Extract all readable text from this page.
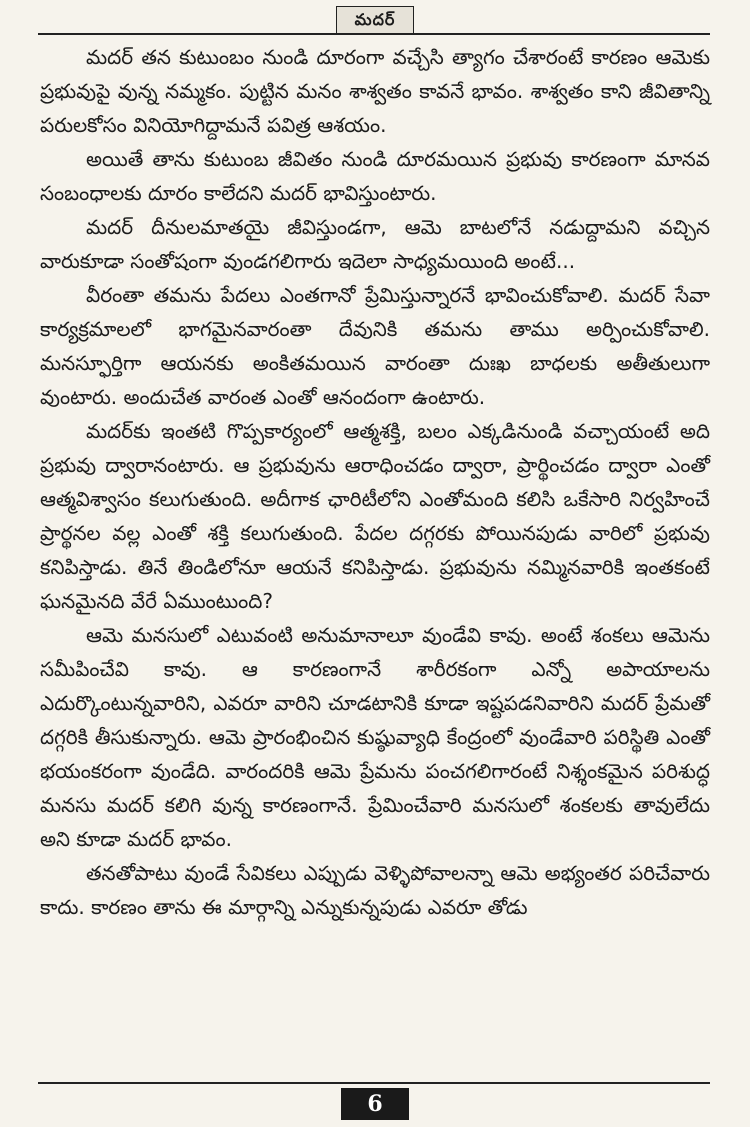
మదర్

మదర్ తన కుటుంబం నుండి దూరంగా వచ్చేసి త్యాగం చేశారంటే కారణం ఆమెకు ప్రభువుపై వున్న నమ్మకం. పుట్టిన మనం శాశ్వతం కావనే భావం. శాశ్వతం కాని జీవితాన్ని పరులకోసం వినియోగిద్దామనే పవిత్ర ఆశయం.

అయితే తాను కుటుంబ జీవితం నుండి దూరమయిన ప్రభువు కారణంగా మానవ సంబంధాలకు దూరం కాలేదని మదర్ భావిస్తుంటారు.

మదర్ దీనులమాతయై జీవిస్తుండగా, ఆమె బాటలోనే నడుద్దామని వచ్చిన వారుకూడా సంతోషంగా వుండగలిగారు ఇదెలా సాధ్యమయింది అంటే...

వీరంతా తమను పేదలు ఎంతగానో ప్రేమిస్తున్నారనే భావించుకోవాలి. మదర్ సేవా కార్యక్రమాలలో భాగమైనవారంతా దేవునికి తమను తాము అర్పించుకోవాలి. మనస్ఫూర్తిగా ఆయనకు అంకితమయిన వారంతా దుఃఖ బాధలకు అతీతులుగా వుంటారు. అందుచేత వారంత ఎంతో ఆనందంగా ఉంటారు.

మదర్‌కు ఇంతటి గొప్పకార్యంలో ఆత్మశక్తి, బలం ఎక్కడినుండి వచ్చాయంటే అది ప్రభువు ద్వారానంటారు. ఆ ప్రభువును ఆరాధించడం ద్వారా, ప్రార్థించడం ద్వారా ఎంతో ఆత్మవిశ్వాసం కలుగుతుంది. అదీగాక ఛారిటీలోని ఎంతోమంది కలిసి ఒకేసారి నిర్వహించే ప్రార్థనల వల్ల ఎంతో శక్తి కలుగుతుంది. పేదల దగ్గరకు పోయినపుడు వారిలో ప్రభువు కనిపిస్తాడు. తినే తిండిలోనూ ఆయనే కనిపిస్తాడు. ప్రభువును నమ్మినవారికి ఇంతకంటే ఘనమైనది వేరే ఏముంటుంది?

ఆమె మనసులో ఎటువంటి అనుమానాలూ వుండేవి కావు. అంటే శంకలు ఆమెను సమీపించేవి కావు. ఆ కారణంగానే శారీరకంగా ఎన్నో అపాయాలను ఎదుర్కొంటున్నవారిని, ఎవరూ వారిని చూడటానికి కూడా ఇష్టపడనివారిని మదర్ ప్రేమతో దగ్గరికి తీసుకున్నారు. ఆమె ప్రారంభించిన కుష్ఠువ్యాధి కేంద్రంలో వుండేవారి పరిస్థితి ఎంతో భయంకరంగా వుండేది. వారందరికి ఆమె ప్రేమను పంచగలిగారంటే నిశ్శంకమైన పరిశుద్ధ మనసు మదర్ కలిగి వున్న కారణంగానే. ప్రేమించేవారి మనసులో శంకలకు తావులేదు అని కూడా మదర్ భావం.

తనతోపాటు వుండే సేవికలు ఎప్పుడు వెళ్ళిపోవాలన్నా ఆమె అభ్యంతర పరిచేవారు కాదు. కారణం తాను ఈ మార్గాన్ని ఎన్నుకున్నపుడు ఎవరూ తోడు

6
